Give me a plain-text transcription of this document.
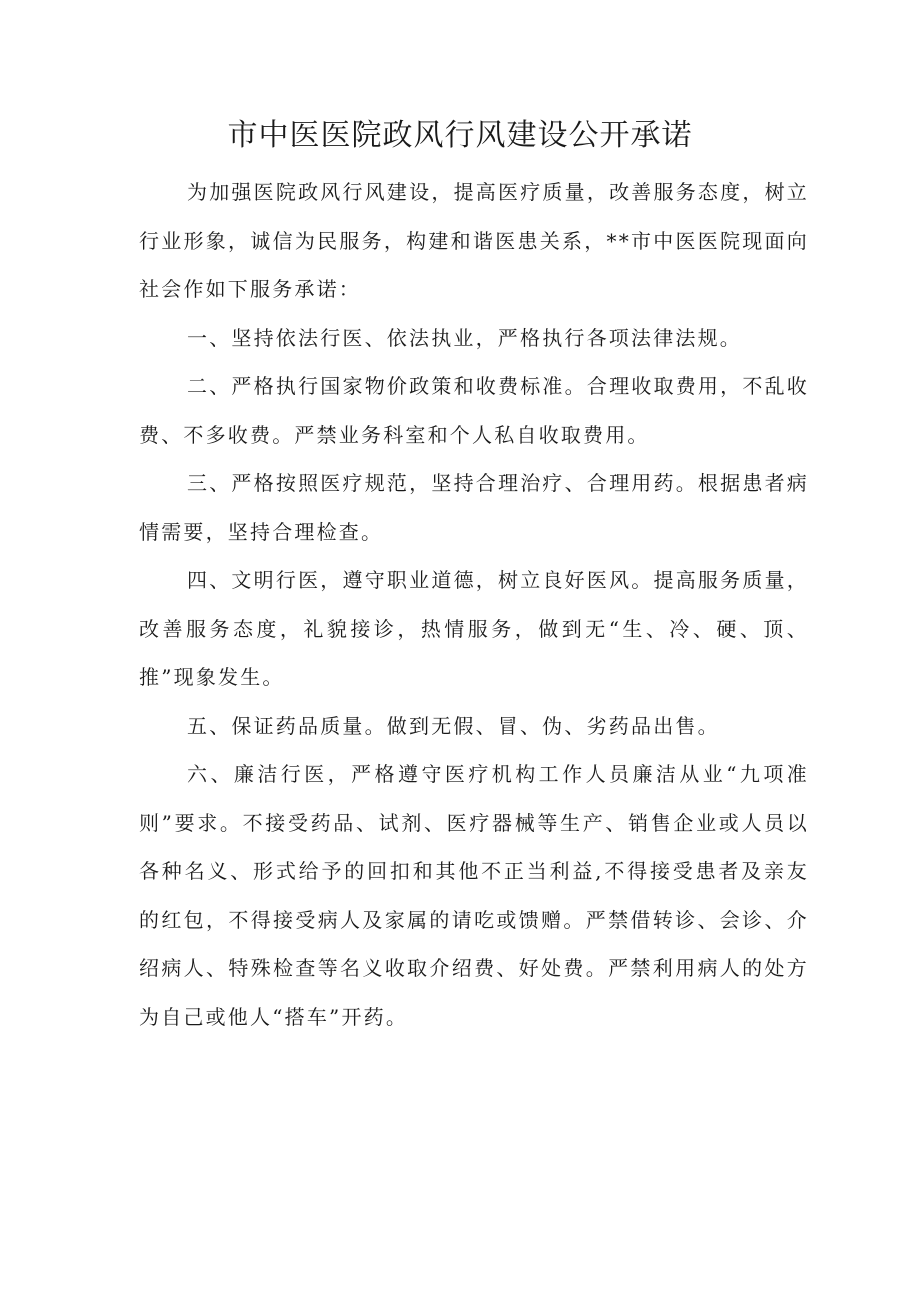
市中医医院政风行风建设公开承诺

为加强医院政风行风建设，提高医疗质量，改善服务态度，树立行业形象，诚信为民服务，构建和谐医患关系，**市中医医院现面向社会作如下服务承诺：

一、坚持依法行医、依法执业，严格执行各项法律法规。

二、严格执行国家物价政策和收费标准。合理收取费用，不乱收费、不多收费。严禁业务科室和个人私自收取费用。

三、严格按照医疗规范，坚持合理治疗、合理用药。根据患者病情需要，坚持合理检查。

四、文明行医，遵守职业道德，树立良好医风。提高服务质量，改善服务态度，礼貌接诊，热情服务，做到无“生、冷、硬、顶、推”现象发生。

五、保证药品质量。做到无假、冒、伪、劣药品出售。

六、廉洁行医，严格遵守医疗机构工作人员廉洁从业“九项准则”要求。不接受药品、试剂、医疗器械等生产、销售企业或人员以各种名义、形式给予的回扣和其他不正当利益,不得接受患者及亲友的红包，不得接受病人及家属的请吃或馈赠。严禁借转诊、会诊、介绍病人、特殊检查等名义收取介绍费、好处费。严禁利用病人的处方为自己或他人“搭车”开药。
